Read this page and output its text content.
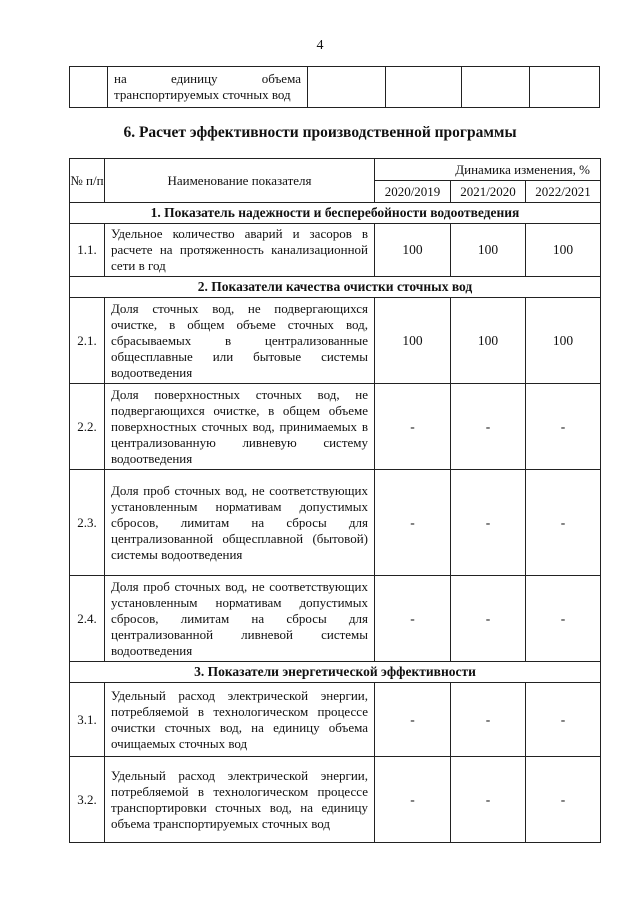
4
	на единицу объема транспортируемых сточных вод				
6. Расчет эффективности производственной программы
№ п/п	Наименование показателя	Динамика изменения, %		
		2020/2019	2021/2020	2022/2021
1. Показатель надежности и бесперебойности водоотведения				
1.1.	Удельное количество аварий и засоров в расчете на протяженность канализационной сети в год	100	100	100
2. Показатели качества очистки сточных вод				
2.1.	Доля сточных вод, не подвергающихся очистке, в общем объеме сточных вод, сбрасываемых в централизованные общесплавные или бытовые системы водоотведения	100	100	100
2.2.	Доля поверхностных сточных вод, не подвергающихся очистке, в общем объеме поверхностных сточных вод, принимаемых в централизованную ливневую систему водоотведения	-	-	-
2.3.	Доля проб сточных вод, не соответствующих установленным нормативам допустимых сбросов, лимитам на сбросы для централизованной общесплавной (бытовой) системы водоотведения	-	-	-
2.4.	Доля проб сточных вод, не соответствующих установленным нормативам допустимых сбросов, лимитам на сбросы для централизованной ливневой системы водоотведения	-	-	-
3. Показатели энергетической эффективности				
3.1.	Удельный расход электрической энергии, потребляемой в технологическом процессе очистки сточных вод, на единицу объема очищаемых сточных вод	-	-	-
3.2.	Удельный расход электрической энергии, потребляемой в технологическом процессе транспортировки сточных вод, на единицу объема транспортируемых сточных вод	-	-	-
